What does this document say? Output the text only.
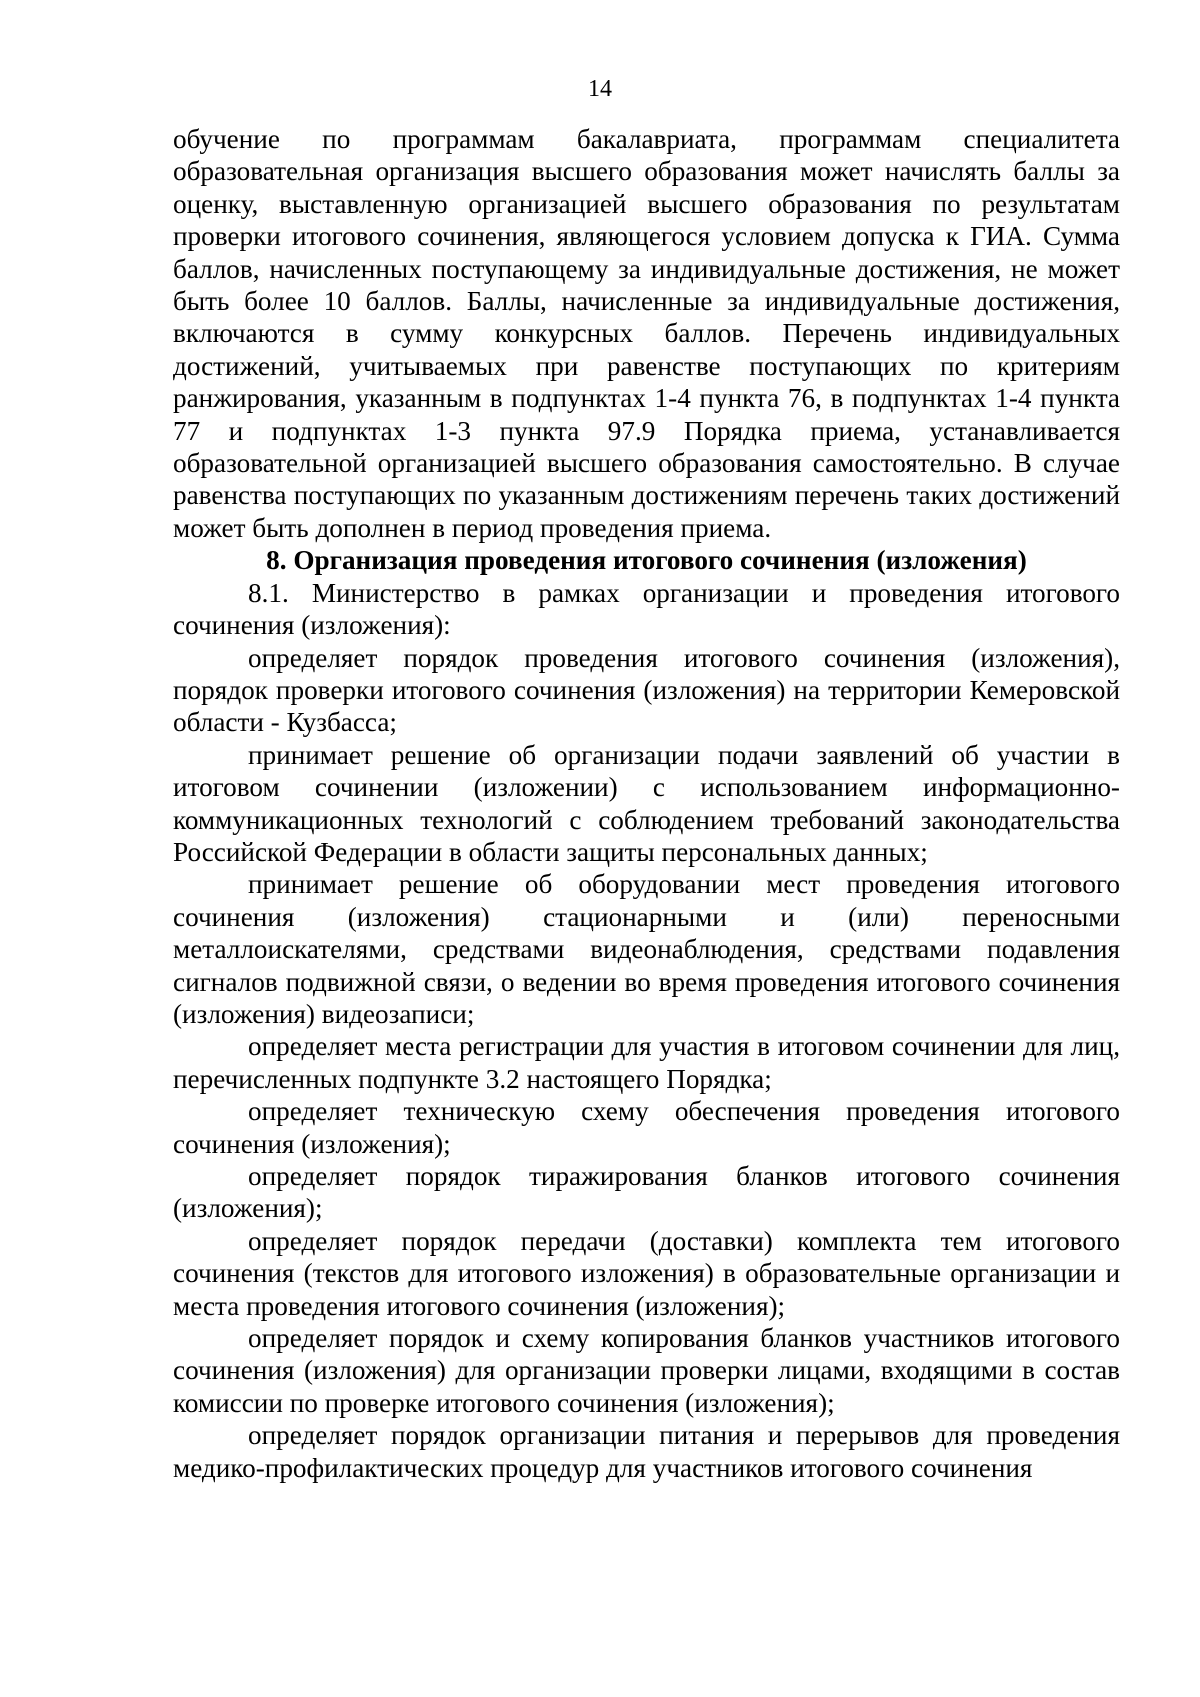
14

обучение по программам бакалавриата, программам специалитета образовательная организация высшего образования может начислять баллы за оценку, выставленную организацией высшего образования по результатам проверки итогового сочинения, являющегося условием допуска к ГИА. Сумма баллов, начисленных поступающему за индивидуальные достижения, не может быть более 10 баллов. Баллы, начисленные за индивидуальные достижения, включаются в сумму конкурсных баллов. Перечень индивидуальных достижений, учитываемых при равенстве поступающих по критериям ранжирования, указанным в подпунктах 1-4 пункта 76, в подпунктах 1-4 пункта 77 и подпунктах 1-3 пункта 97.9 Порядка приема, устанавливается образовательной организацией высшего образования самостоятельно. В случае равенства поступающих по указанным достижениям перечень таких достижений может быть дополнен в период проведения приема.

8. Организация проведения итогового сочинения (изложения)

8.1. Министерство в рамках организации и проведения итогового сочинения (изложения):

определяет порядок проведения итогового сочинения (изложения), порядок проверки итогового сочинения (изложения) на территории Кемеровской области - Кузбасса;

принимает решение об организации подачи заявлений об участии в итоговом сочинении (изложении) с использованием информационно-коммуникационных технологий с соблюдением требований законодательства Российской Федерации в области защиты персональных данных;

принимает решение об оборудовании мест проведения итогового сочинения (изложения) стационарными и (или) переносными металлоискателями, средствами видеонаблюдения, средствами подавления сигналов подвижной связи, о ведении во время проведения итогового сочинения (изложения) видеозаписи;

определяет места регистрации для участия в итоговом сочинении для лиц, перечисленных подпункте 3.2 настоящего Порядка;

определяет техническую схему обеспечения проведения итогового сочинения (изложения);

определяет порядок тиражирования бланков итогового сочинения (изложения);

определяет порядок передачи (доставки) комплекта тем итогового сочинения (текстов для итогового изложения) в образовательные организации и места проведения итогового сочинения (изложения);

определяет порядок и схему копирования бланков участников итогового сочинения (изложения) для организации проверки лицами, входящими в состав комиссии по проверке итогового сочинения (изложения);

определяет порядок организации питания и перерывов для проведения медико-профилактических процедур для участников итогового сочинения
